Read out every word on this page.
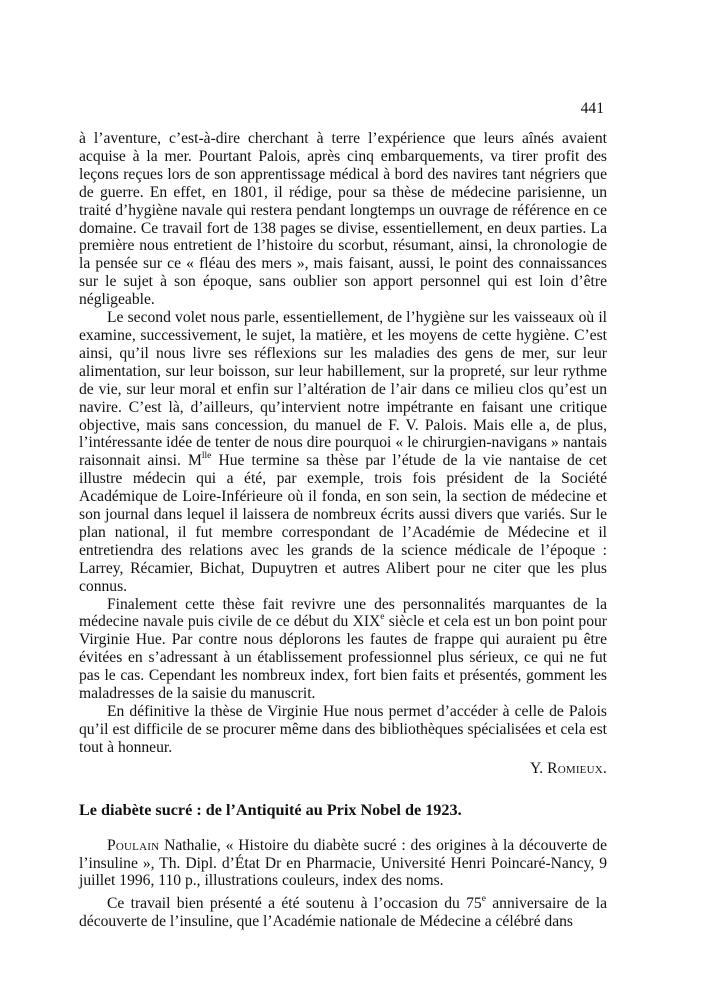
441

à l’aventure, c’est-à-dire cherchant à terre l’expérience que leurs aînés avaient acquise à la mer. Pourtant Palois, après cinq embarquements, va tirer profit des leçons reçues lors de son apprentissage médical à bord des navires tant négriers que de guerre. En effet, en 1801, il rédige, pour sa thèse de médecine parisienne, un traité d’hygiène navale qui restera pendant longtemps un ouvrage de référence en ce domaine. Ce travail fort de 138 pages se divise, essentiellement, en deux parties. La première nous entretient de l’histoire du scorbut, résumant, ainsi, la chronologie de la pensée sur ce « fléau des mers », mais faisant, aussi, le point des connaissances sur le sujet à son époque, sans oublier son apport personnel qui est loin d’être négligeable.

Le second volet nous parle, essentiellement, de l’hygiène sur les vaisseaux où il examine, successivement, le sujet, la matière, et les moyens de cette hygiène. C’est ainsi, qu’il nous livre ses réflexions sur les maladies des gens de mer, sur leur alimentation, sur leur boisson, sur leur habillement, sur la propreté, sur leur rythme de vie, sur leur moral et enfin sur l’altération de l’air dans ce milieu clos qu’est un navire. C’est là, d’ailleurs, qu’intervient notre impétrante en faisant une critique objective, mais sans concession, du manuel de F. V. Palois. Mais elle a, de plus, l’intéressante idée de tenter de nous dire pourquoi « le chirurgien-navigans » nantais raisonnait ainsi. $M^{lle}$ Hue termine sa thèse par l’étude de la vie nantaise de cet illustre médecin qui a été, par exemple, trois fois président de la Société Académique de Loire-Inférieure où il fonda, en son sein, la section de médecine et son journal dans lequel il laissera de nombreux écrits aussi divers que variés. Sur le plan national, il fut membre correspondant de l’Académie de Médecine et il entretiendra des relations avec les grands de la science médicale de l’époque : Larrey, Récamier, Bichat, Dupuytren et autres Alibert pour ne citer que les plus connus.

Finalement cette thèse fait revivre une des personnalités marquantes de la médecine navale puis civile de ce début du XIXe siècle et cela est un bon point pour Virginie Hue. Par contre nous déplorons les fautes de frappe qui auraient pu être évitées en s’adressant à un établissement professionnel plus sérieux, ce qui ne fut pas le cas. Cependant les nombreux index, fort bien faits et présentés, gomment les maladresses de la saisie du manuscrit.

En définitive la thèse de Virginie Hue nous permet d’accéder à celle de Palois qu’il est difficile de se procurer même dans des bibliothèques spécialisées et cela est tout à honneur.

Y. Romieux.
Le diabète sucré : de l’Antiquité au Prix Nobel de 1923.

Poulain Nathalie, « Histoire du diabète sucré : des origines à la découverte de l’insuline », Th. Dipl. d’État Dr en Pharmacie, Université Henri Poincaré-Nancy, 9 juillet 1996, 110 p., illustrations couleurs, index des noms.

Ce travail bien présenté a été soutenu à l’occasion du 75e anniversaire de la découverte de l’insuline, que l’Académie nationale de Médecine a célébré dans
